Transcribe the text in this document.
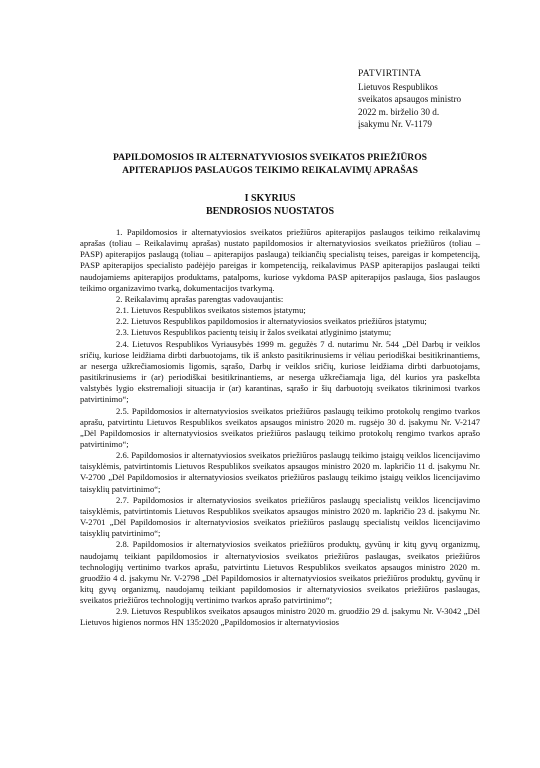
PATVIRTINTA
Lietuvos Respublikos
sveikatos apsaugos ministro
2022 m. birželio 30 d.
įsakymu Nr. V-1179
PAPILDOMOSIOS IR ALTERNATYVIOSIOS SVEIKATOS PRIEŽIŪROS
APITERAPIJOS PASLAUGOS TEIKIMO REIKALAVIMŲ APRAŠAS
I SKYRIUS
BENDROSIOS NUOSTATOS

1. Papildomosios ir alternatyviosios sveikatos priežiūros apiterapijos paslaugos teikimo reikalavimų aprašas (toliau – Reikalavimų aprašas) nustato papildomosios ir alternatyviosios sveikatos priežiūros (toliau – PASP) apiterapijos paslaugą (toliau – apiterapijos paslauga) teikiančių specialistų teises, pareigas ir kompetenciją, PASP apiterapijos specialisto padėjėjo pareigas ir kompetenciją, reikalavimus PASP apiterapijos paslaugai teikti naudojamiems apiterapijos produktams, patalpoms, kuriose vykdoma PASP apiterapijos paslauga, šios paslaugos teikimo organizavimo tvarką, dokumentacijos tvarkymą.

2. Reikalavimų aprašas parengtas vadovaujantis:

2.1. Lietuvos Respublikos sveikatos sistemos įstatymu;

2.2. Lietuvos Respublikos papildomosios ir alternatyviosios sveikatos priežiūros įstatymu;

2.3. Lietuvos Respublikos pacientų teisių ir žalos sveikatai atlyginimo įstatymu;

2.4. Lietuvos Respublikos Vyriausybės 1999 m. gegužės 7 d. nutarimu Nr. 544 „Dėl Darbų ir veiklos sričių, kuriose leidžiama dirbti darbuotojams, tik iš anksto pasitikrinusiems ir vėliau periodiškai besitikrinantiems, ar neserga užkrečiamosiomis ligomis, sąrašo, Darbų ir veiklos sričių, kuriose leidžiama dirbti darbuotojams, pasitikrinusiems ir (ar) periodiškai besitikrinantiems, ar neserga užkrečiamąja liga, dėl kurios yra paskelbta valstybės lygio ekstremalioji situacija ir (ar) karantinas, sąrašo ir šių darbuotojų sveikatos tikrinimosi tvarkos patvirtinimo“;

2.5. Papildomosios ir alternatyviosios sveikatos priežiūros paslaugų teikimo protokolų rengimo tvarkos aprašu, patvirtintu Lietuvos Respublikos sveikatos apsaugos ministro 2020 m. rugsėjo 30 d. įsakymu Nr. V-2147 „Dėl Papildomosios ir alternatyviosios sveikatos priežiūros paslaugų teikimo protokolų rengimo tvarkos aprašo patvirtinimo“;

2.6. Papildomosios ir alternatyviosios sveikatos priežiūros paslaugų teikimo įstaigų veiklos licencijavimo taisyklėmis, patvirtintomis Lietuvos Respublikos sveikatos apsaugos ministro 2020 m. lapkričio 11 d. įsakymu Nr. V-2700 „Dėl Papildomosios ir alternatyviosios sveikatos priežiūros paslaugų teikimo įstaigų veiklos licencijavimo taisyklių patvirtinimo“;

2.7. Papildomosios ir alternatyviosios sveikatos priežiūros paslaugų specialistų veiklos licencijavimo taisyklėmis, patvirtintomis Lietuvos Respublikos sveikatos apsaugos ministro 2020 m. lapkričio 23 d. įsakymu Nr. V-2701 „Dėl Papildomosios ir alternatyviosios sveikatos priežiūros paslaugų specialistų veiklos licencijavimo taisyklių patvirtinimo“;

2.8. Papildomosios ir alternatyviosios sveikatos priežiūros produktų, gyvūnų ir kitų gyvų organizmų, naudojamų teikiant papildomosios ir alternatyviosios sveikatos priežiūros paslaugas, sveikatos priežiūros technologijų vertinimo tvarkos aprašu, patvirtintu Lietuvos Respublikos sveikatos apsaugos ministro 2020 m. gruodžio 4 d. įsakymu Nr. V-2798 „Dėl Papildomosios ir alternatyviosios sveikatos priežiūros produktų, gyvūnų ir kitų gyvų organizmų, naudojamų teikiant papildomosios ir alternatyviosios sveikatos priežiūros paslaugas, sveikatos priežiūros technologijų vertinimo tvarkos aprašo patvirtinimo“;

2.9. Lietuvos Respublikos sveikatos apsaugos ministro 2020 m. gruodžio 29 d. įsakymu Nr. V-3042 „Dėl Lietuvos higienos normos HN 135:2020 „Papildomosios ir alternatyviosios
